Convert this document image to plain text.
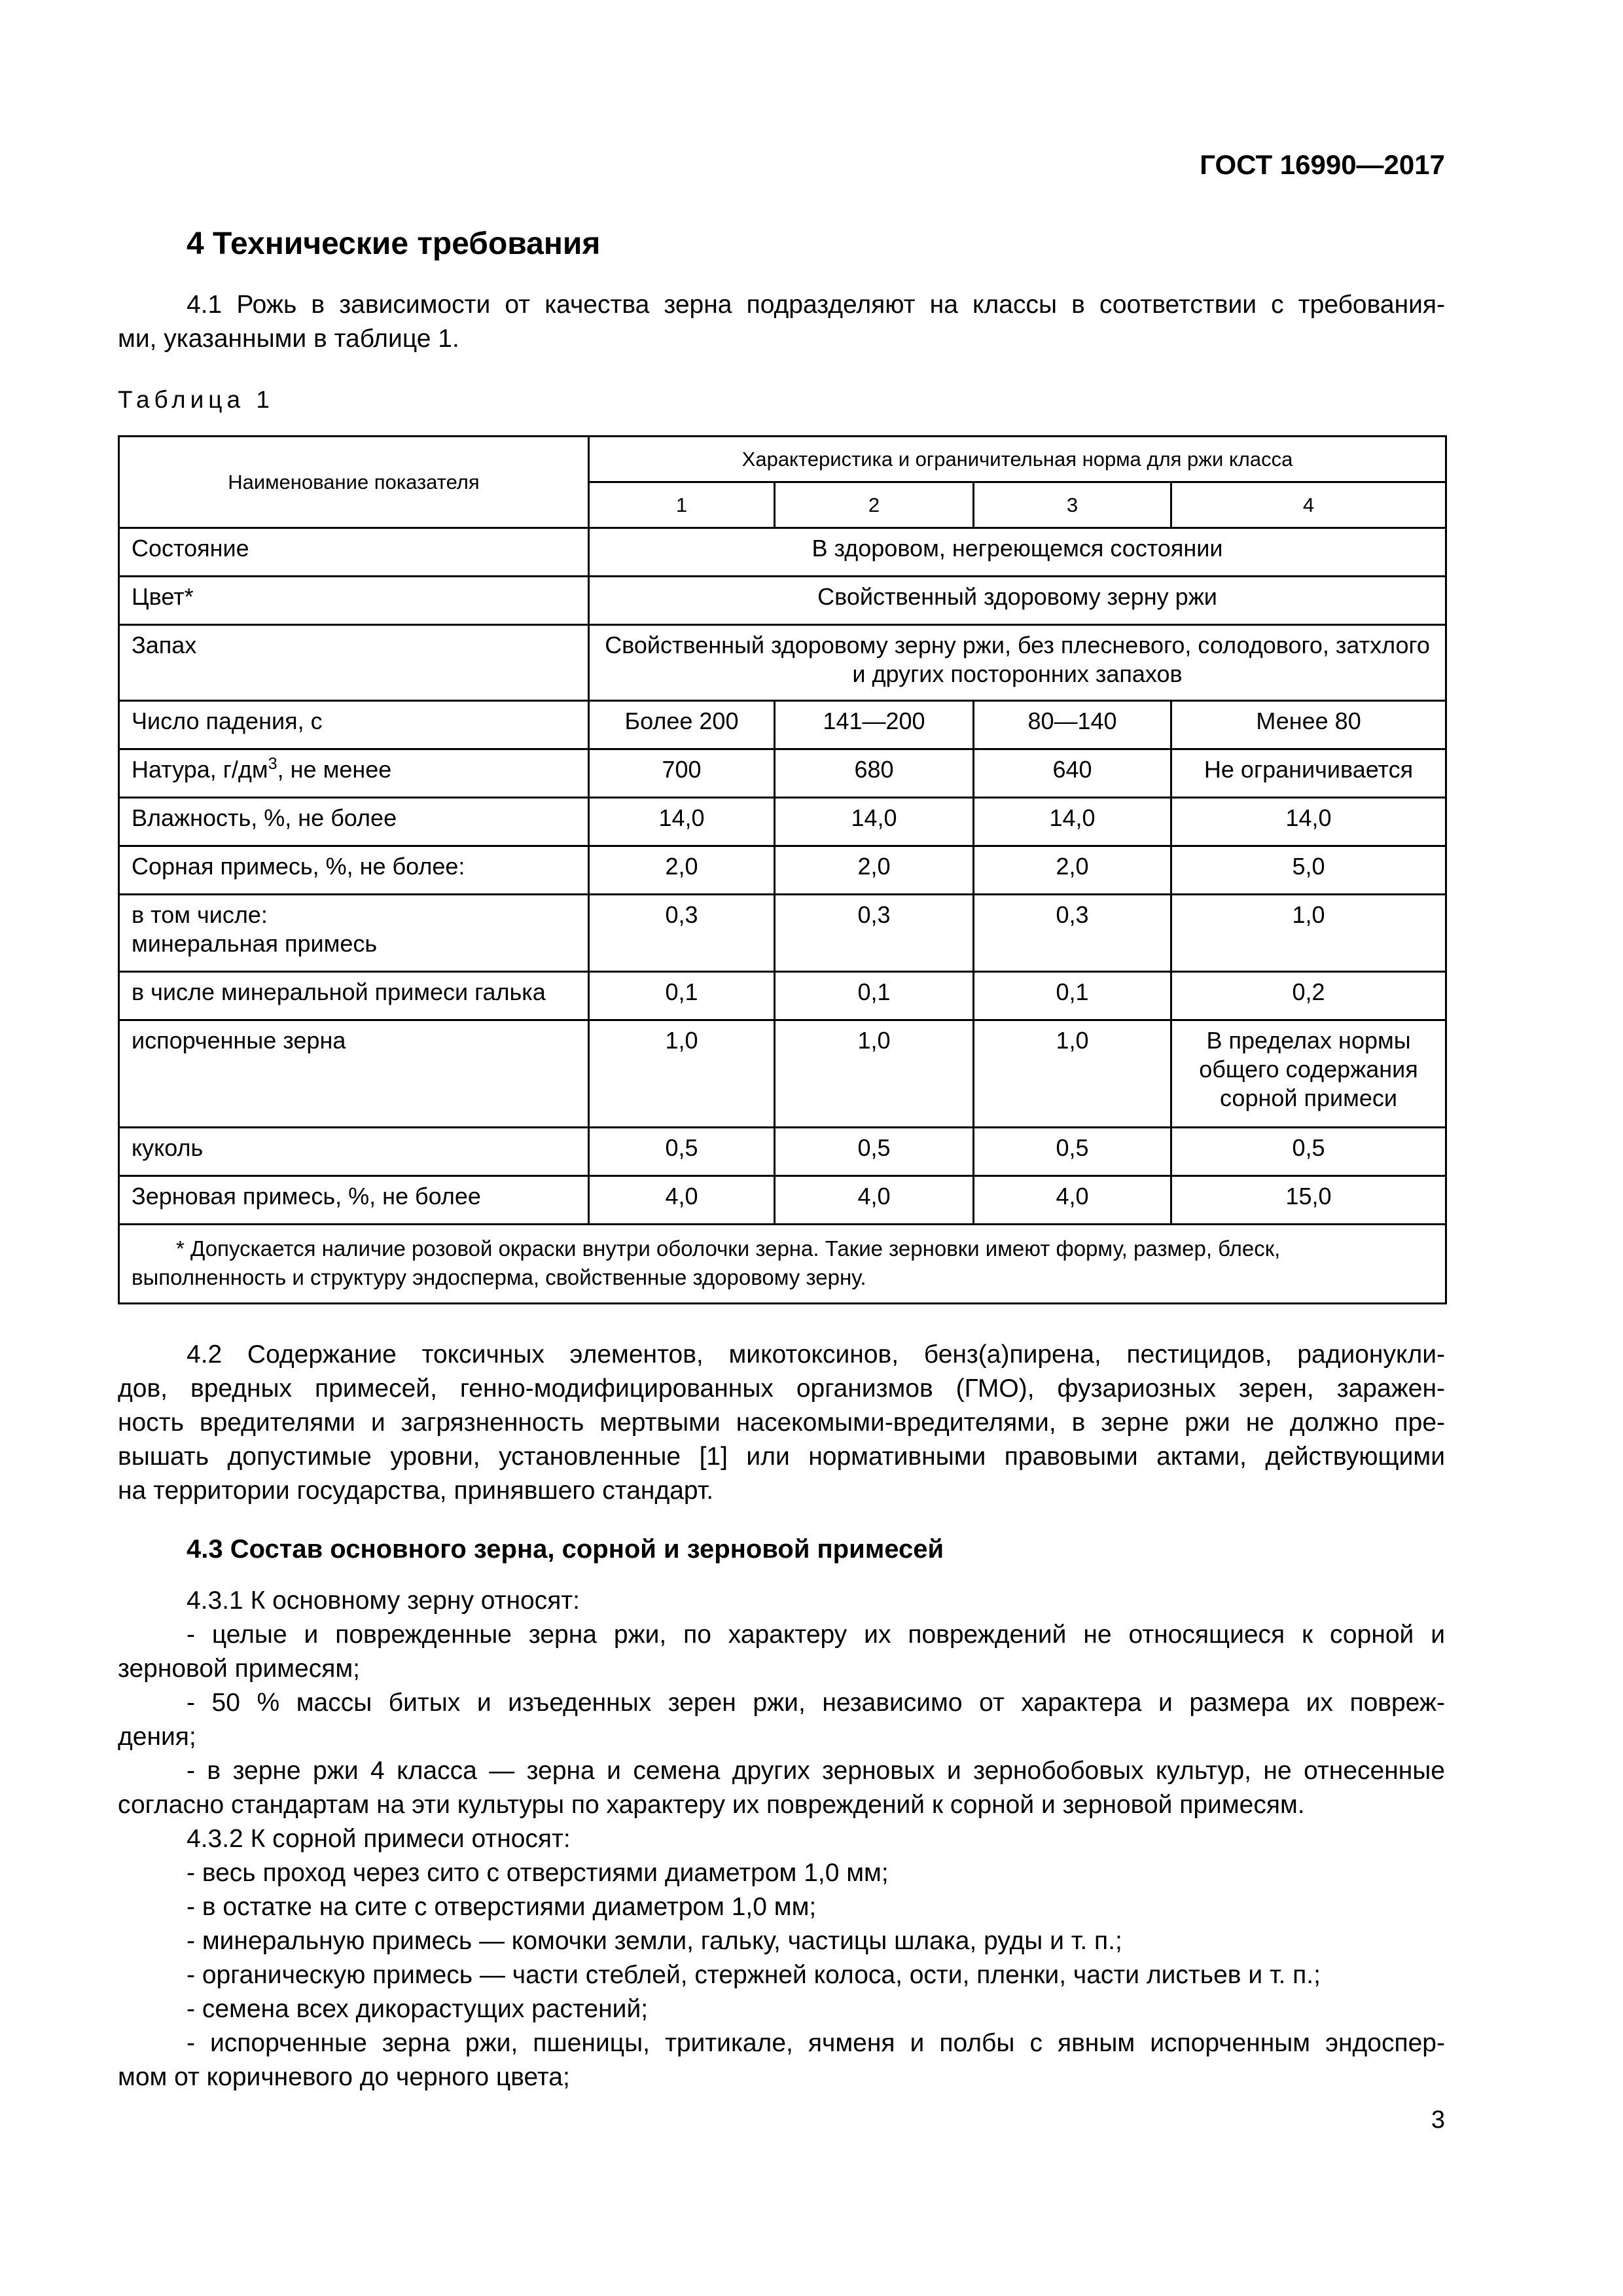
ГОСТ 16990—2017
4 Технические требования
4.1 Рожь в зависимости от качества зерна подразделяют на классы в соответствии с требования-
ми, указанными в таблице 1.
Таблица 1
Наименование показателя	Характеристика и ограничительная норма для ржи класса			
	1	2	3	4
Состояние	В здоровом, негреющемся состоянии			
Цвет*	Свойственный здоровому зерну ржи			
Запах	Свойственный здоровому зерну ржи, без плесневого, солодового, затхлого и других посторонних запахов			
Число падения, с	Более 200	141—200	80—140	Менее 80
Натура, $г/дм^3$, не менее	700	680	640	Не ограничивается
Влажность, %, не более	14,0	14,0	14,0	14,0
Сорная примесь, %, не более:	2,0	2,0	2,0	5,0

в том числе:
минеральная примесь	0,3	0,3	0,3	1,0
в числе минеральной примеси галька	0,1	0,1	0,1	0,2
испорченные зерна	1,0	1,0	1,0	В пределах нормы
общего содержания
сорной примеси

куколь	0,5	0,5	0,5	0,5
Зерновая примесь, %, не более	4,0	4,0	4,0	15,0
* Допускается наличие розовой окраски внутри оболочки зерна. Такие зерновки имеют форму, размер, блеск, выполненность и структуру эндосперма, свойственные здоровому зерну.				
4.2 Содержание токсичных элементов, микотоксинов, бенз(а)пирена, пестицидов, радионукли-
дов, вредных примесей, генно-модифицированных организмов (ГМО), фузариозных зерен, заражен-
ность вредителями и загрязненность мертвыми насекомыми-вредителями, в зерне ржи не должно пре-
вышать допустимые уровни, установленные [1] или нормативными правовыми актами, действующими
на территории государства, принявшего стандарт.
4.3 Состав основного зерна, сорной и зерновой примесей
4.3.1 К основному зерну относят:
- целые и поврежденные зерна ржи, по характеру их повреждений не относящиеся к сорной и
зерновой примесям;
- 50 % массы битых и изъеденных зерен ржи, независимо от характера и размера их повреж-
дения;
- в зерне ржи 4 класса — зерна и семена других зерновых и зернобобовых культур, не отнесенные
согласно стандартам на эти культуры по характеру их повреждений к сорной и зерновой примесям.
4.3.2 К сорной примеси относят:
- весь проход через сито с отверстиями диаметром 1,0 мм;
- в остатке на сите с отверстиями диаметром 1,0 мм;
- минеральную примесь — комочки земли, гальку, частицы шлака, руды и т. п.;
- органическую примесь — части стеблей, стержней колоса, ости, пленки, части листьев и т. п.;
- семена всех дикорастущих растений;
- испорченные зерна ржи, пшеницы, тритикале, ячменя и полбы с явным испорченным эндоспер-
мом от коричневого до черного цвета;
3
